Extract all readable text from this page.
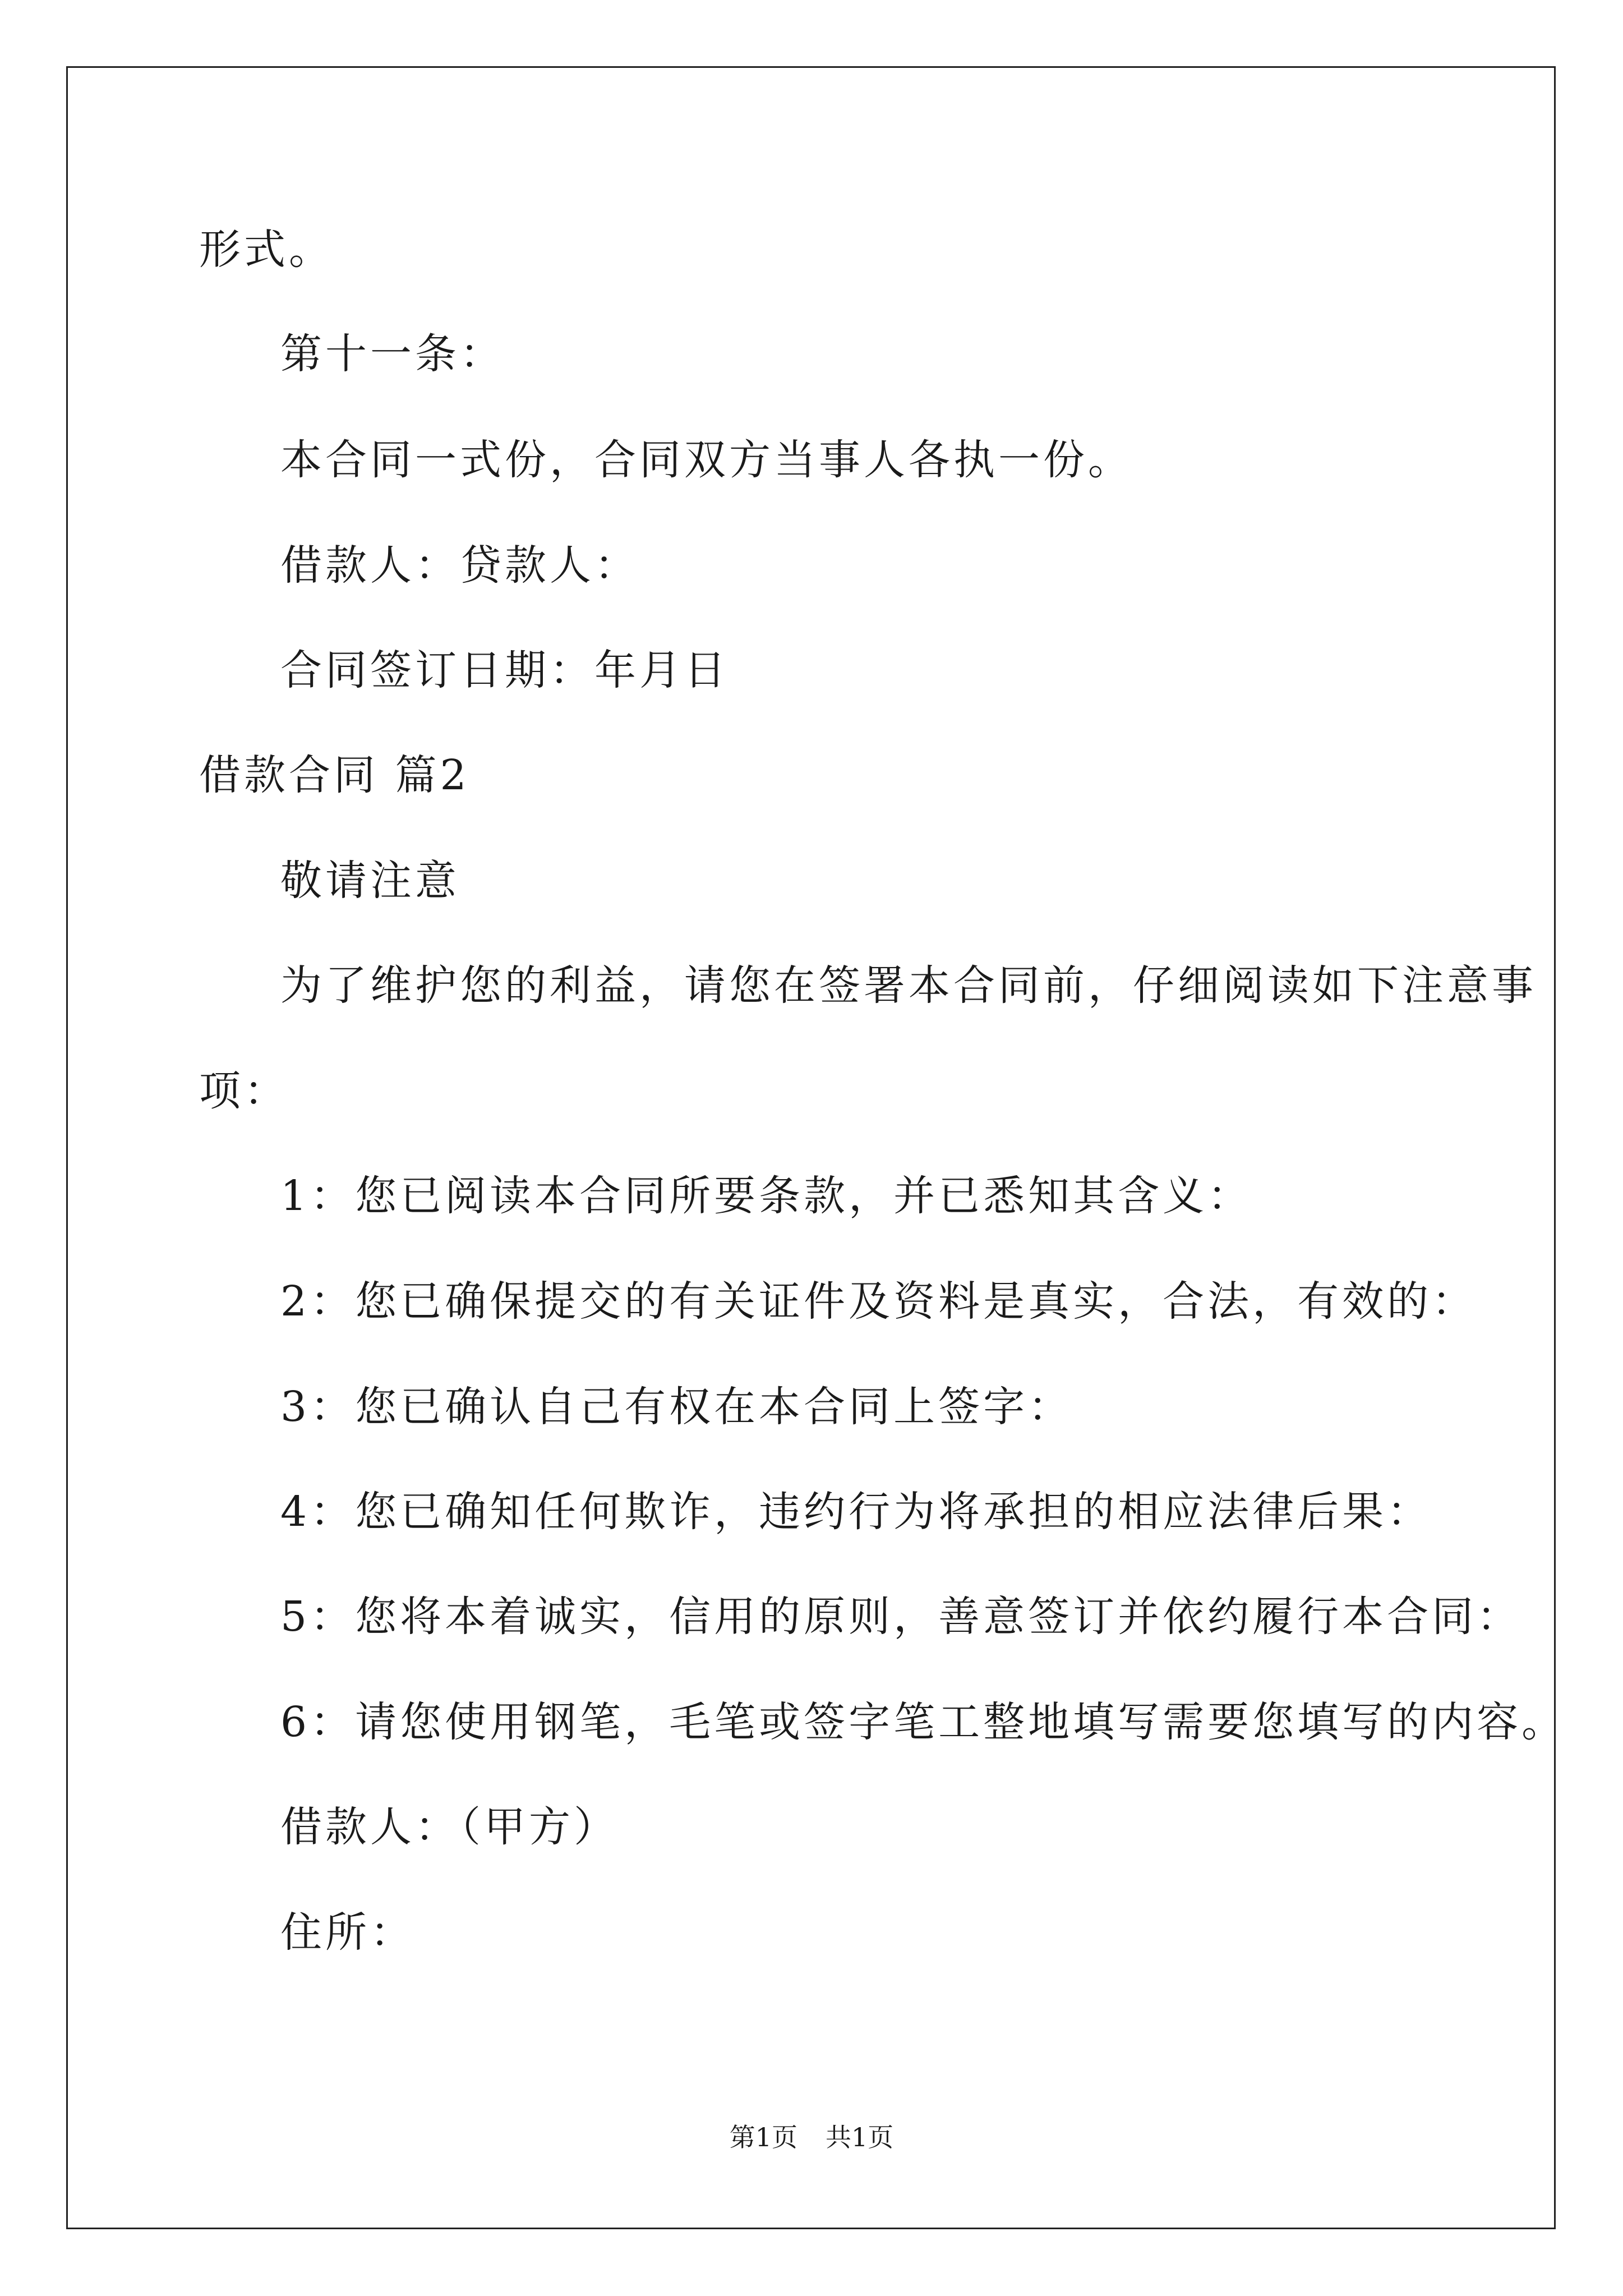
形式。
第十一条：
本合同一式份，合同双方当事人各执一份。
借款人：贷款人：
合同签订日期：年月日
借款合同 篇2
敬请注意
为了维护您的利益，请您在签署本合同前，仔细阅读如下注意事
项：
1：您已阅读本合同所要条款，并已悉知其含义：
2：您已确保提交的有关证件及资料是真实，合法，有效的：
3：您已确认自己有权在本合同上签字：
4：您已确知任何欺诈，违约行为将承担的相应法律后果：
5：您将本着诚实，信用的原则，善意签订并依约履行本合同：
6：请您使用钢笔，毛笔或签字笔工整地填写需要您填写的内容。
借款人：（甲方）
住所：
第1页 共1页
